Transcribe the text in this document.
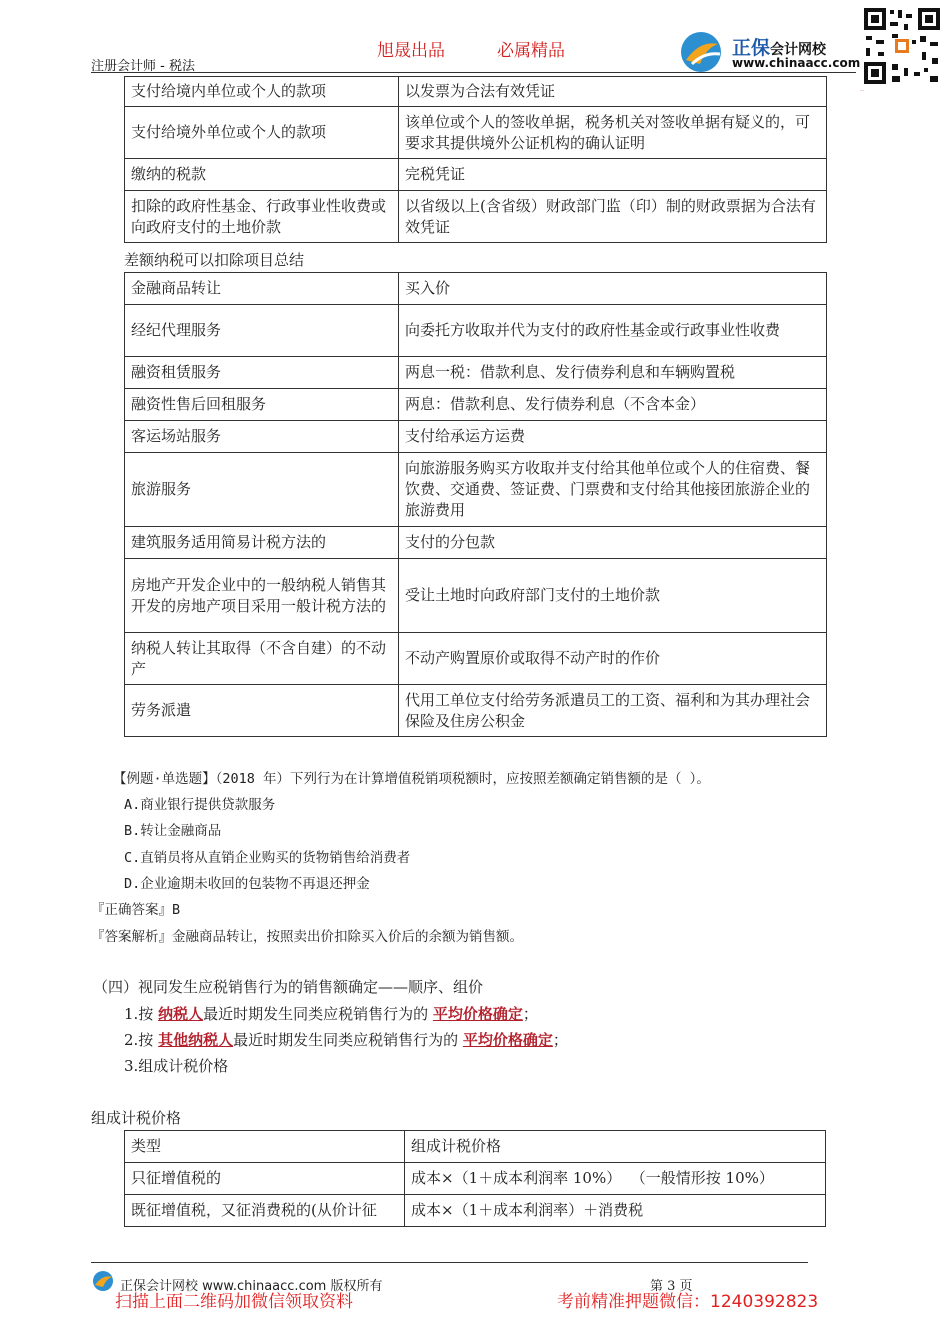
旭晟出品	必属精品
注册会计师 - 税法
正保会计网校
www.chinaacc.com
···
支付给境内单位或个人的款项	以发票为合法有效凭证
支付给境外单位或个人的款项	该单位或个人的签收单据，税务机关对签收单据有疑义的，可要求其提供境外公证机构的确认证明
缴纳的税款	完税凭证
扣除的政府性基金、行政事业性收费或向政府支付的土地价款	以省级以上(含省级）财政部门监（印）制的财政票据为合法有效凭证
差额纳税可以扣除项目总结
金融商品转让	买入价
经纪代理服务	向委托方收取并代为支付的政府性基金或行政事业性收费
融资租赁服务	两息一税：借款利息、发行债券利息和车辆购置税
融资性售后回租服务	两息：借款利息、发行债券利息（不含本金）
客运场站服务	支付给承运方运费
旅游服务	向旅游服务购买方收取并支付给其他单位或个人的住宿费、餐饮费、交通费、签证费、门票费和支付给其他接团旅游企业的旅游费用
建筑服务适用简易计税方法的	支付的分包款
房地产开发企业中的一般纳税人销售其开发的房地产项目采用一般计税方法的	受让土地时向政府部门支付的土地价款
纳税人转让其取得（不含自建）的不动产	不动产购置原价或取得不动产时的作价
劳务派遣	代用工单位支付给劳务派遣员工的工资、福利和为其办理社会保险及住房公积金
【例题·单选题】（2018 年）下列行为在计算增值税销项税额时，应按照差额确定销售额的是（ ）。
A.商业银行提供贷款服务
B.转让金融商品
C.直销员将从直销企业购买的货物销售给消费者
D.企业逾期未收回的包装物不再退还押金
『正确答案』B
『答案解析』金融商品转让，按照卖出价扣除买入价后的余额为销售额。
（四）视同发生应税销售行为的销售额确定——顺序、组价
1.按 纳税人最近时期发生同类应税销售行为的 平均价格确定；
2.按 其他纳税人最近时期发生同类应税销售行为的 平均价格确定；
3.组成计税价格
组成计税价格
类型	组成计税价格
只征增值税的	成本×（1＋成本利润率 10%）  （一般情形按 10%）
既征增值税，又征消费税的(从价计征	成本×（1＋成本利润率）＋消费税
正保会计网校 www.chinaacc.com 版权所有	第 3 页
扫描上面二维码加微信领取资料	考前精准押题微信：1240392823
